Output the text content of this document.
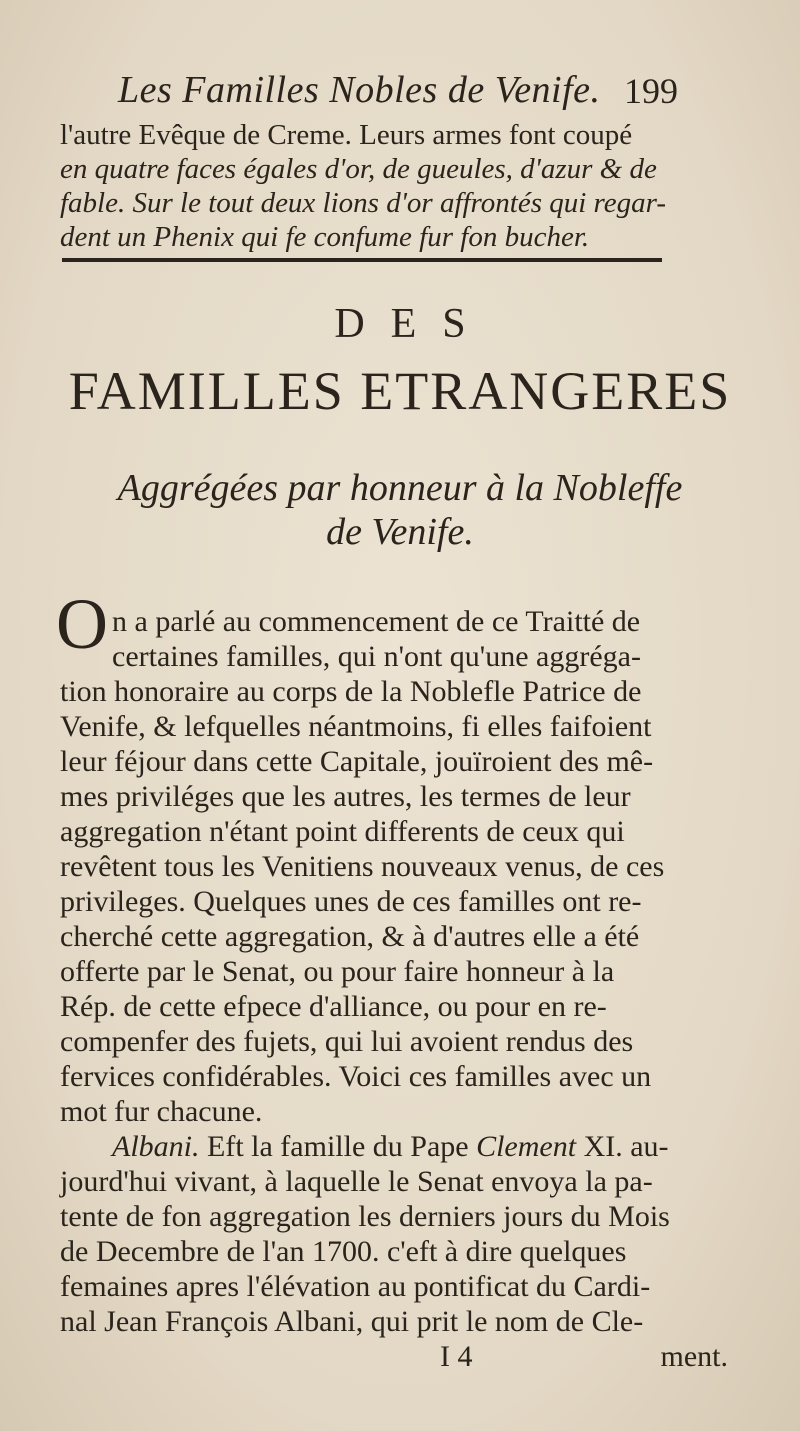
Les Familles Nobles de Venife. 199
l'autre Evêque de Creme. Leurs armes font coupé
en quatre faces égales d'or, de gueules, d'azur & de
fable. Sur le tout deux lions d'or affrontés qui regar-
dent un Phenix qui fe confume fur fon bucher.
DES
FAMILLES ETRANGERES
Aggrégées par honneur à la Nobleffe
de Venife.
O n a parlé au commencement de ce Traitté de
certaines familles, qui n'ont qu'une aggréga-
tion honoraire au corps de la Noblefle Patrice de
Venife, & lefquelles néantmoins, fi elles faifoient
leur féjour dans cette Capitale, jouïroient des mê-
mes priviléges que les autres, les termes de leur
aggregation n'étant point differents de ceux qui
revêtent tous les Venitiens nouveaux venus, de ces
privileges. Quelques unes de ces familles ont re-
cherché cette aggregation, & à d'autres elle a été
offerte par le Senat, ou pour faire honneur à la
Rép. de cette efpece d'alliance, ou pour en re-
compenfer des fujets, qui lui avoient rendus des
fervices confidérables. Voici ces familles avec un
mot fur chacune.
Albani. Eft la famille du Pape Clement XI. au-
jourd'hui vivant, à laquelle le Senat envoya la pa-
tente de fon aggregation les derniers jours du Mois
de Decembre de l'an 1700. c'eft à dire quelques
femaines apres l'élévation au pontificat du Cardi-
nal Jean François Albani, qui prit le nom de Cle-
I 4	ment.
